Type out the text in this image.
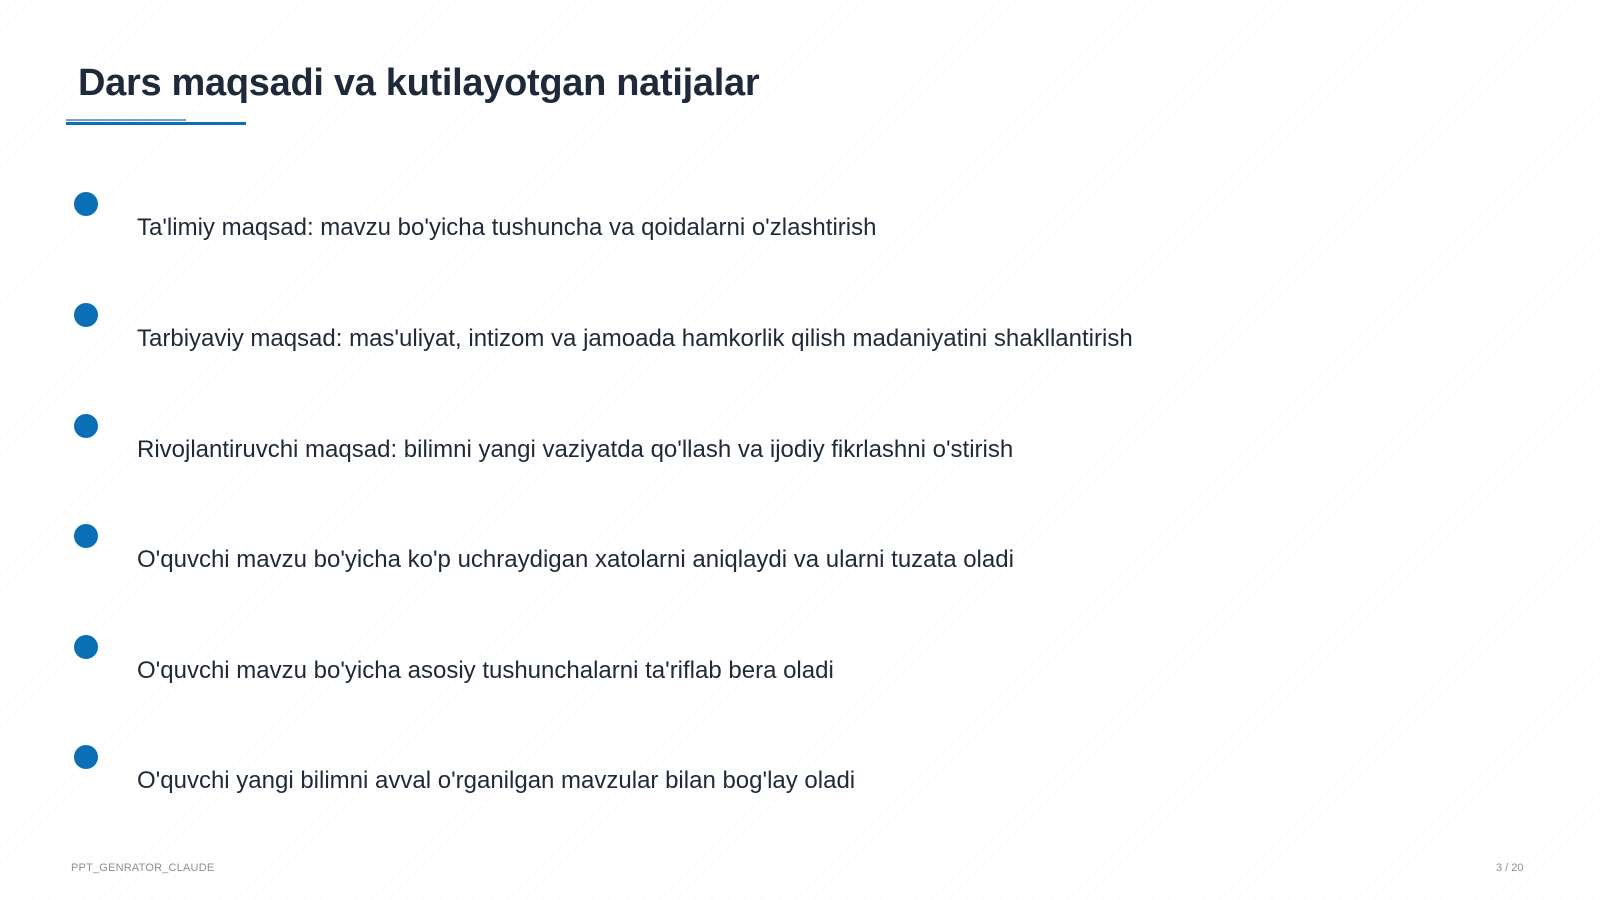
Dars maqsadi va kutilayotgan natijalar
Ta'limiy maqsad: mavzu bo'yicha tushuncha va qoidalarni o'zlashtirish
Tarbiyaviy maqsad: mas'uliyat, intizom va jamoada hamkorlik qilish madaniyatini shakllantirish
Rivojlantiruvchi maqsad: bilimni yangi vaziyatda qo'llash va ijodiy fikrlashni o'stirish
O'quvchi mavzu bo'yicha ko'p uchraydigan xatolarni aniqlaydi va ularni tuzata oladi
O'quvchi mavzu bo'yicha asosiy tushunchalarni ta'riflab bera oladi
O'quvchi yangi bilimni avval o'rganilgan mavzular bilan bog'lay oladi
PPT_GENRATOR_CLAUDE	3 / 20
